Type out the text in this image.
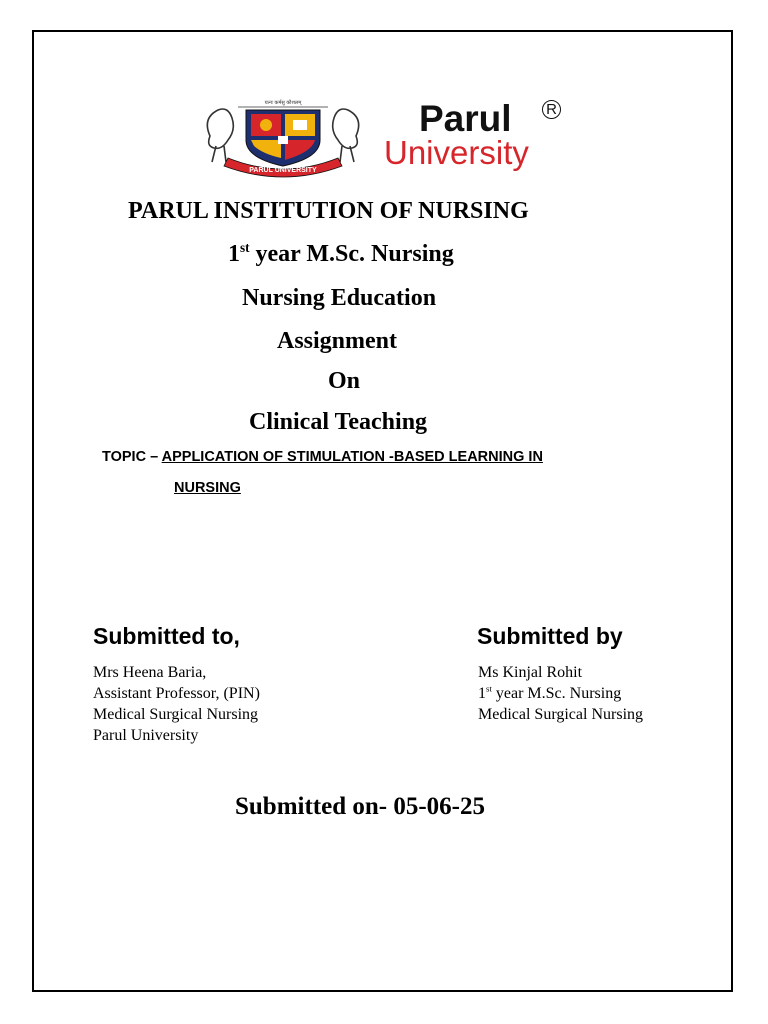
यत्नः कर्मसु कौशलम्
PARUL UNIVERSITY
Parul R
University
PARUL INSTITUTION OF NURSING
1st year M.Sc. Nursing
Nursing Education
Assignment
On
Clinical Teaching
TOPIC – APPLICATION OF STIMULATION -BASED LEARNING IN
NURSING
Submitted to,
Mrs Heena Baria,
Assistant Professor, (PIN)
Medical Surgical Nursing
Parul University
Submitted by
Ms Kinjal Rohit
1st year M.Sc. Nursing
Medical Surgical Nursing
Submitted on- 05-06-25
